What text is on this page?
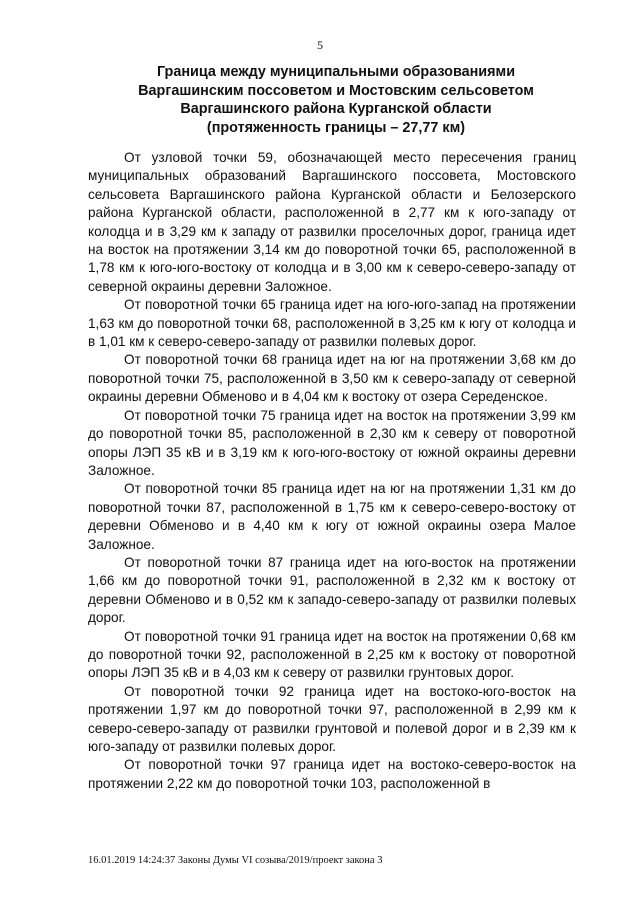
5
Граница между муниципальными образованиями
Варгашинским поссоветом и Мостовским сельсоветом
Варгашинского района Курганской области
(протяженность границы – 27,77 км)

От узловой точки 59, обозначающей место пересечения границ муниципальных образований Варгашинского поссовета, Мостовского сельсовета Варгашинского района Курганской области и Белозерского района Курганской области, расположенной в 2,77 км к юго-западу от колодца и в 3,29 км к западу от развилки проселочных дорог, граница идет на восток на протяжении 3,14 км до поворотной точки 65, расположенной в 1,78 км к юго-юго-востоку от колодца и в 3,00 км к северо-северо-западу от северной окраины деревни Заложное.

От поворотной точки 65 граница идет на юго-юго-запад на протяжении 1,63 км до поворотной точки 68, расположенной в 3,25 км к югу от колодца и в 1,01 км к северо-северо-западу от развилки полевых дорог.

От поворотной точки 68 граница идет на юг на протяжении 3,68 км до поворотной точки 75, расположенной в 3,50 км к северо-западу от северной окраины деревни Обменово и в 4,04 км к востоку от озера Середенское.

От поворотной точки 75 граница идет на восток на протяжении 3,99 км до поворотной точки 85, расположенной в 2,30 км к северу от поворотной опоры ЛЭП 35 кВ и в 3,19 км к юго-юго-востоку от южной окраины деревни Заложное.

От поворотной точки 85 граница идет на юг на протяжении 1,31 км до поворотной точки 87, расположенной в 1,75 км к северо-северо-востоку от деревни Обменово и в 4,40 км к югу от южной окраины озера Малое Заложное.

От поворотной точки 87 граница идет на юго-восток на протяжении 1,66 км до поворотной точки 91, расположенной в 2,32 км к востоку от деревни Обменово и в 0,52 км к западо-северо-западу от развилки полевых дорог.

От поворотной точки 91 граница идет на восток на протяжении 0,68 км до поворотной точки 92, расположенной в 2,25 км к востоку от поворотной опоры ЛЭП 35 кВ и в 4,03 км к северу от развилки грунтовых дорог.

От поворотной точки 92 граница идет на востоко-юго-восток на протяжении 1,97 км до поворотной точки 97, расположенной в 2,99 км к северо-северо-западу от развилки грунтовой и полевой дорог и в 2,39 км к юго-западу от развилки полевых дорог.

От поворотной точки 97 граница идет на востоко-северо-восток на протяжении 2,22 км до поворотной точки 103, расположенной в

16.01.2019 14:24:37 Законы Думы VI созыва/2019/проект закона 3
